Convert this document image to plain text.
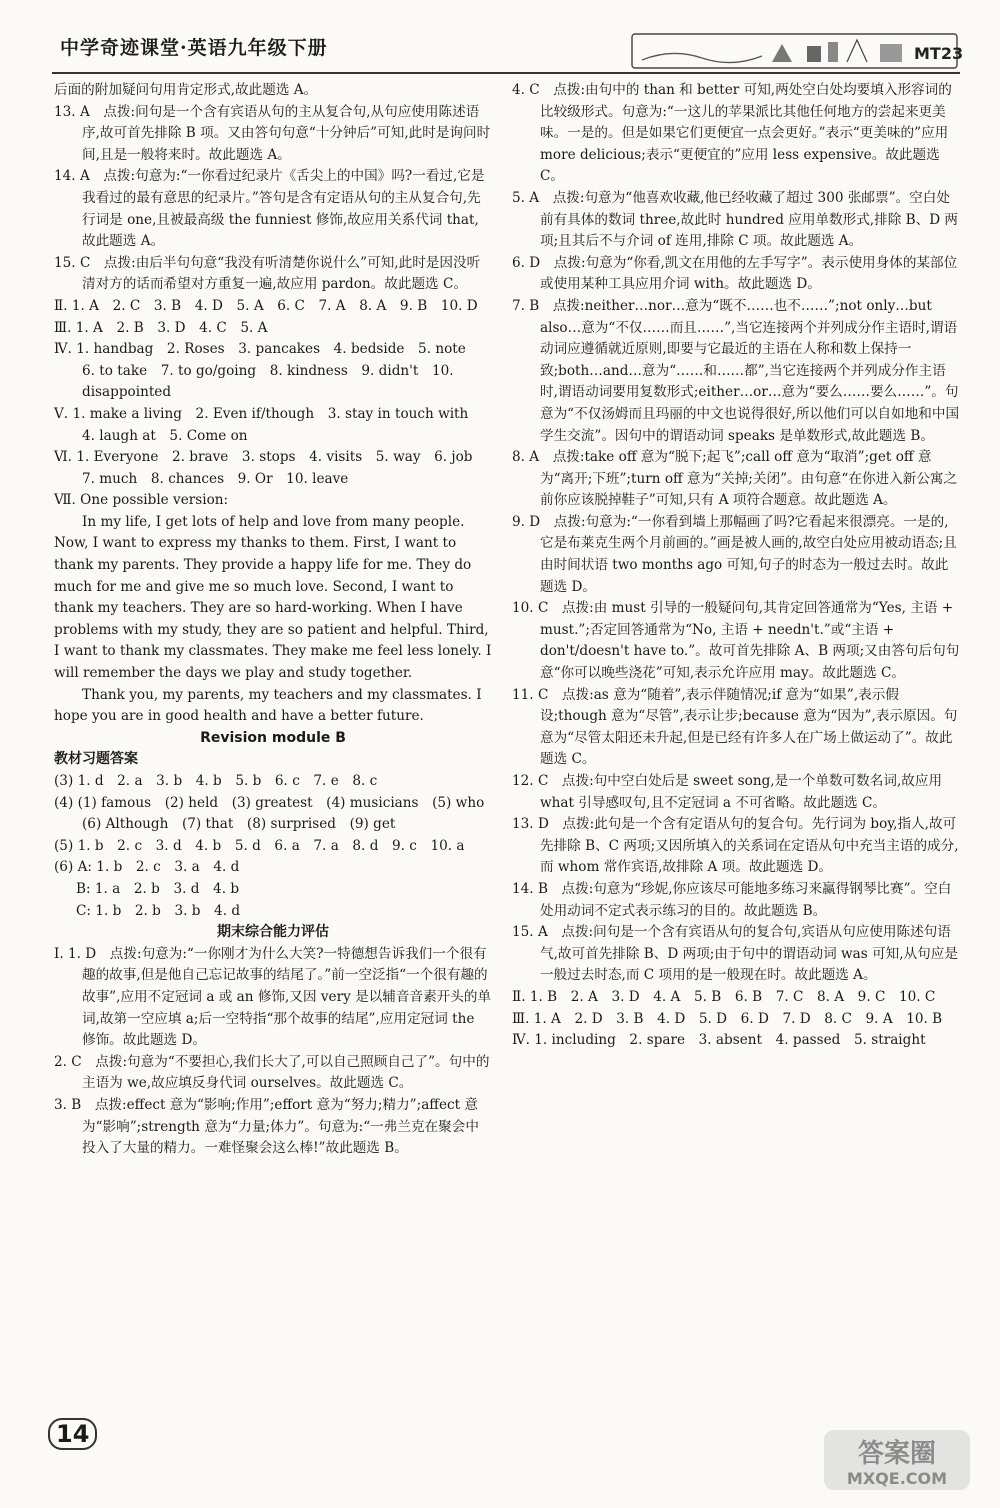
中学奇迹课堂·英语九年级下册	MT23
后面的附加疑问句用肯定形式,故此题选 A。
13. A　点拨:问句是一个含有宾语从句的主从复合句,从句应使用陈述语序,故可首先排除 B 项。又由答句句意“十分钟后”可知,此时是询问时间,且是一般将来时。故此题选 A。
14. A　点拨:句意为:“一你看过纪录片《舌尖上的中国》吗?一看过,它是我看过的最有意思的纪录片。”答句是含有定语从句的主从复合句,先行词是 one,且被最高级 the funniest 修饰,故应用关系代词 that,故此题选 A。
15. C　点拨:由后半句句意“我没有听清楚你说什么”可知,此时是因没听清对方的话而希望对方重复一遍,故应用 pardon。故此题选 C。
Ⅱ. 1. A　2. C　3. B　4. D　5. A　6. C　7. A　8. A　9. B　10. D
Ⅲ. 1. A　2. B　3. D　4. C　5. A
Ⅳ. 1. handbag　2. Roses　3. pancakes　4. bedside　5. note　6. to take　7. to go/going　8. kindness　9. didn't　10. disappointed
Ⅴ. 1. make a living　2. Even if/though　3. stay in touch with　4. laugh at　5. Come on
Ⅵ. 1. Everyone　2. brave　3. stops　4. visits　5. way　6. job　7. much　8. chances　9. Or　10. leave
Ⅶ. One possible version:
In my life, I get lots of help and love from many people. Now, I want to express my thanks to them. First, I want to thank my parents. They provide a happy life for me. They do much for me and give me so much love. Second, I want to thank my teachers. They are so hard-working. When I have problems with my study, they are so patient and helpful. Third, I want to thank my classmates. They make me feel less lonely. I will remember the days we play and study together.
Thank you, my parents, my teachers and my classmates. I hope you are in good health and have a better future.
Revision module B
教材习题答案
(3) 1. d　2. a　3. b　4. b　5. b　6. c　7. e　8. c
(4) (1) famous　(2) held　(3) greatest　(4) musicians　(5) who　(6) Although　(7) that　(8) surprised　(9) get
(5) 1. b　2. c　3. d　4. b　5. d　6. a　7. a　8. d　9. c　10. a
(6) A: 1. b　2. c　3. a　4. d
B: 1. a　2. b　3. d　4. b
C: 1. b　2. b　3. b　4. d
期末综合能力评估
Ⅰ. 1. D　点拨:句意为:“一你刚才为什么大笑?一特德想告诉我们一个很有趣的故事,但是他自己忘记故事的结尾了。”前一空泛指“一个很有趣的故事”,应用不定冠词 a 或 an 修饰,又因 very 是以辅音音素开头的单词,故第一空应填 a;后一空特指“那个故事的结尾”,应用定冠词 the 修饰。故此题选 D。
2. C　点拨:句意为“不要担心,我们长大了,可以自己照顾自己了”。句中的主语为 we,故应填反身代词 ourselves。故此题选 C。
3. B　点拨:effect 意为“影响;作用”;effort 意为“努力;精力”;affect 意为“影响”;strength 意为“力量;体力”。句意为:“一弗兰克在聚会中投入了大量的精力。一难怪聚会这么棒!”故此题选 B。
4. C　点拨:由句中的 than 和 better 可知,两处空白处均要填入形容词的比较级形式。句意为:“一这儿的苹果派比其他任何地方的尝起来更美味。一是的。但是如果它们更便宜一点会更好。”表示“更美味的”应用 more delicious;表示“更便宜的”应用 less expensive。故此题选 C。
5. A　点拨:句意为“他喜欢收藏,他已经收藏了超过 300 张邮票”。空白处前有具体的数词 three,故此时 hundred 应用单数形式,排除 B、D 两项;且其后不与介词 of 连用,排除 C 项。故此题选 A。
6. D　点拨:句意为“你看,凯文在用他的左手写字”。表示使用身体的某部位或使用某种工具应用介词 with。故此题选 D。
7. B　点拨:neither…nor…意为“既不……也不……”;not only…but also…意为“不仅……而且……”,当它连接两个并列成分作主语时,谓语动词应遵循就近原则,即要与它最近的主语在人称和数上保持一致;both…and…意为“……和……都”,当它连接两个并列成分作主语时,谓语动词要用复数形式;either…or…意为“要么……要么……”。句意为“不仅汤姆而且玛丽的中文也说得很好,所以他们可以自如地和中国学生交流”。因句中的谓语动词 speaks 是单数形式,故此题选 B。
8. A　点拨:take off 意为“脱下;起飞”;call off 意为“取消”;get off 意为“离开;下班”;turn off 意为“关掉;关闭”。由句意“在你进入新公寓之前你应该脱掉鞋子”可知,只有 A 项符合题意。故此题选 A。
9. D　点拨:句意为:“一你看到墙上那幅画了吗?它看起来很漂亮。一是的,它是布莱克生两个月前画的。”画是被人画的,故空白处应用被动语态;且由时间状语 two months ago 可知,句子的时态为一般过去时。故此题选 D。
10. C　点拨:由 must 引导的一般疑问句,其肯定回答通常为“Yes, 主语 + must.”;否定回答通常为“No, 主语 + needn't.”或“主语 + don't/doesn't have to.”。故可首先排除 A、B 两项;又由答句后句句意“你可以晚些浇花”可知,表示允许应用 may。故此题选 C。
11. C　点拨:as 意为“随着”,表示伴随情况;if 意为“如果”,表示假设;though 意为“尽管”,表示让步;because 意为“因为”,表示原因。句意为“尽管太阳还未升起,但是已经有许多人在广场上做运动了”。故此题选 C。
12. C　点拨:句中空白处后是 sweet song,是一个单数可数名词,故应用 what 引导感叹句,且不定冠词 a 不可省略。故此题选 C。
13. D　点拨:此句是一个含有定语从句的复合句。先行词为 boy,指人,故可先排除 B、C 两项;又因所填入的关系词在定语从句中充当主语的成分,而 whom 常作宾语,故排除 A 项。故此题选 D。
14. B　点拨:句意为“珍妮,你应该尽可能地多练习来赢得钢琴比赛”。空白处用动词不定式表示练习的目的。故此题选 B。
15. A　点拨:问句是一个含有宾语从句的复合句,宾语从句应使用陈述句语气,故可首先排除 B、D 两项;由于句中的谓语动词 was 可知,从句应是一般过去时态,而 C 项用的是一般现在时。故此题选 A。
Ⅱ. 1. B　2. A　3. D　4. A　5. B　6. B　7. C　8. A　9. C　10. C
Ⅲ. 1. A　2. D　3. B　4. D　5. D　6. D　7. D　8. C　9. A　10. B
Ⅳ. 1. including　2. spare　3. absent　4. passed　5. straight
14
答案圈
MXQE.COM
